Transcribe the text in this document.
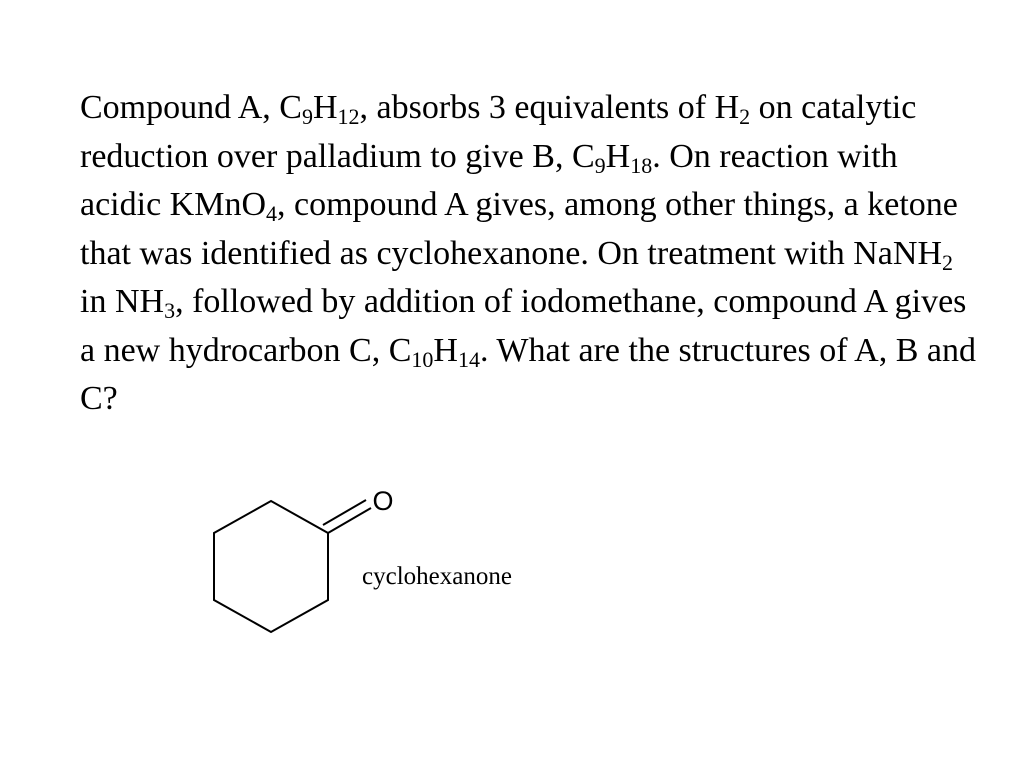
Compound A, $C_9H_{12}$, absorbs 3 equivalents of $H_2$ on catalytic reduction over palladium to give B, $C_9H_{18}$. On reaction with acidic KMnO$_4$, compound A gives, among other things, a ketone that was identified as cyclohexanone. On treatment with NaNH$_2$ in $NH_3$, followed by addition of iodomethane, compound A gives a new hydrocarbon C, $C_{10}H_{14}$. What are the structures of A, B and C?

O
cyclohexanone
